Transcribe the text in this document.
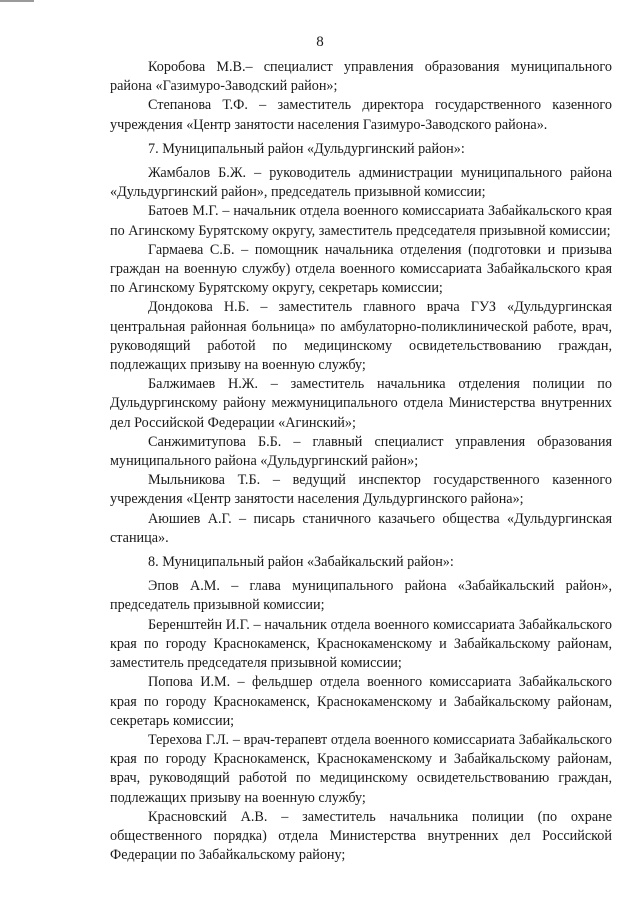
8

Коробова М.В.– специалист управления образования муниципального района «Газимуро-Заводский район»;

Степанова Т.Ф. – заместитель директора государственного казенного учреждения «Центр занятости населения Газимуро-Заводского района».

7. Муниципальный район «Дульдургинский район»:

Жамбалов Б.Ж. – руководитель администрации муниципального района «Дульдургинский район», председатель призывной комиссии;

Батоев М.Г. – начальник отдела военного комиссариата Забайкальского края по Агинскому Бурятскому округу, заместитель председателя призывной комиссии;

Гармаева С.Б. – помощник начальника отделения (подготовки и призыва граждан на военную службу) отдела военного комиссариата Забайкальского края по Агинскому Бурятскому округу, секретарь комиссии;

Дондокова Н.Б. – заместитель главного врача ГУЗ «Дульдургинская центральная районная больница» по амбулаторно-поликлинической работе, врач, руководящий работой по медицинскому освидетельствованию граждан, подлежащих призыву на военную службу;

Балжимаев Н.Ж. – заместитель начальника отделения полиции по Дульдургинскому району межмуниципального отдела Министерства внутренних дел Российской Федерации «Агинский»;

Санжимитупова Б.Б. – главный специалист управления образования муниципального района «Дульдургинский район»;

Мыльникова Т.Б. – ведущий инспектор государственного казенного учреждения «Центр занятости населения Дульдургинского района»;

Аюшиев А.Г. – писарь станичного казачьего общества «Дульдургинская станица».

8. Муниципальный район «Забайкальский район»:

Эпов А.М. – глава муниципального района «Забайкальский район», председатель призывной комиссии;

Беренштейн И.Г. – начальник отдела военного комиссариата Забайкальского края по городу Краснокаменск, Краснокаменскому и Забайкальскому районам, заместитель председателя призывной комиссии;

Попова И.М. – фельдшер отдела военного комиссариата Забайкальского края по городу Краснокаменск, Краснокаменскому и Забайкальскому районам, секретарь комиссии;

Терехова Г.Л. – врач-терапевт отдела военного комиссариата Забайкальского края по городу Краснокаменск, Краснокаменскому и Забайкальскому районам, врач, руководящий работой по медицинскому освидетельствованию граждан, подлежащих призыву на военную службу;

Красновский А.В. – заместитель начальника полиции (по охране общественного порядка) отдела Министерства внутренних дел Российской Федерации по Забайкальскому району;
